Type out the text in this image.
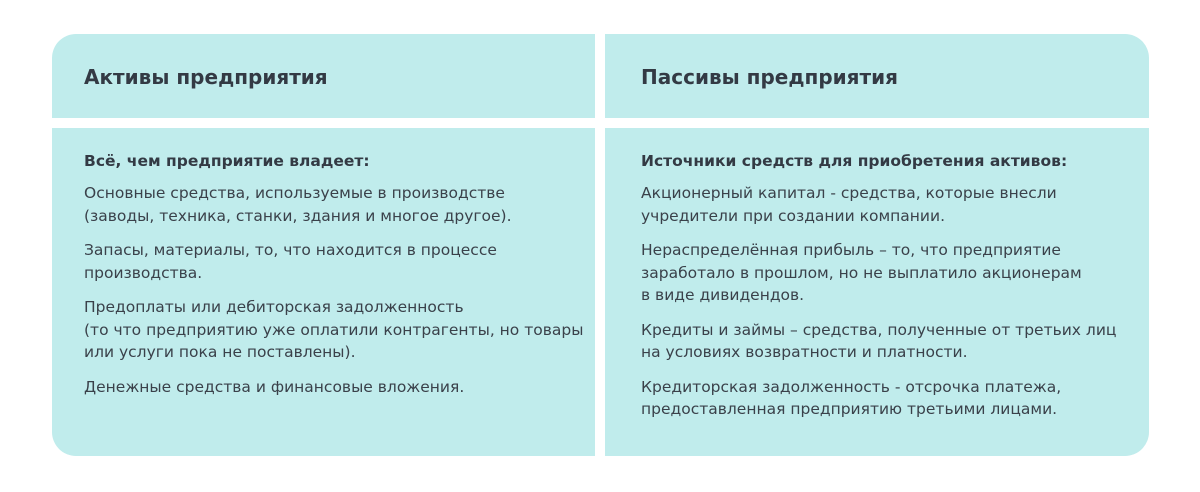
Активы предприятия	Пассивы предприятия

Всё, чем предприятие владеет:

Основные средства, используемые в производстве
(заводы, техника, станки, здания и многое другое).

Запасы, материалы, то, что находится в процессе
производства.

Предоплаты или дебиторская задолженность
(то что предприятию уже оплатили контрагенты, но товары
или услуги пока не поставлены).

Денежные средства и финансовые вложения.

Источники средств для приобретения активов:

Акционерный капитал - средства, которые внесли
учредители при создании компании.

Нераспределённая прибыль – то, что предприятие
заработало в прошлом, но не выплатило акционерам
в виде дивидендов.

Кредиты и займы – средства, полученные от третьих лиц
на условиях возвратности и платности.

Кредиторская задолженность - отсрочка платежа,
предоставленная предприятию третьими лицами.
